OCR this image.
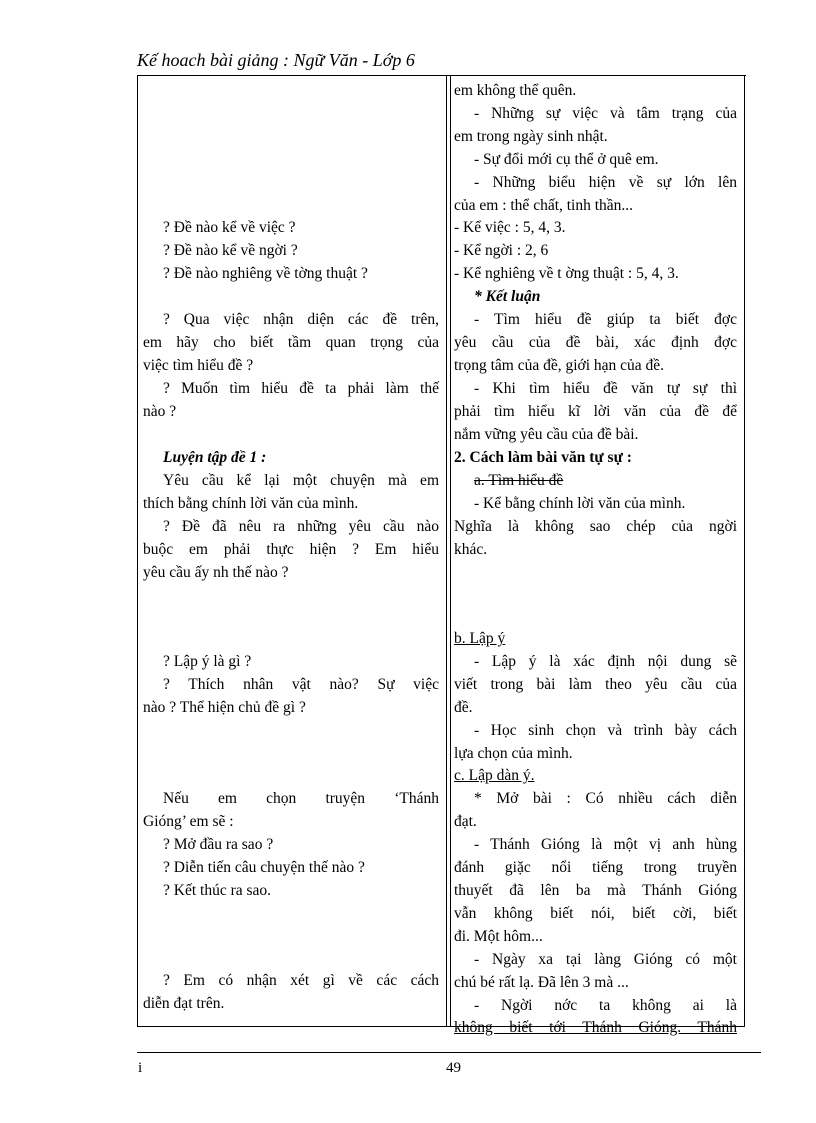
Kế hoach bài giảng : Ngữ Văn - Lớp 6
? Đề nào kể về việc ?
? Đề nào kể về ngời ?
? Đề nào nghiêng về tờng thuật ?
? Qua việc nhận diện các đề trên,
em hãy cho biết tầm quan trọng của
việc tìm hiểu đề ?
? Muốn tìm hiểu đề ta phải làm thế
nào ?
Luyện tập đề 1 :
Yêu cầu kể lại một chuyện mà em
thích bằng chính lời văn của mình.
? Đề đã nêu ra những yêu cầu nào
buộc em phải thực hiện ? Em hiểu
yêu cầu ấy nh thế nào ?
? Lập ý là gì ?
? Thích nhân vật nào? Sự việc
nào ? Thể hiện chủ đề gì ?
Nếu em chọn truyện ‘Thánh
Gióng’ em sẽ :
? Mở đầu ra sao ?
? Diễn tiến câu chuyện thế nào ?
? Kết thúc ra sao.
? Em có nhận xét gì về các cách
diễn đạt trên.
em không thể quên.
- Những sự việc và tâm trạng của
em trong ngày sinh nhật.
- Sự đổi mới cụ thể ở quê em.
- Những biểu hiện về sự lớn lên
của em : thể chất, tinh thần...
- Kể việc : 5, 4, 3.
- Kể ngời : 2, 6
- Kể nghiêng về t ờng thuật : 5, 4, 3.
* Kết luận
- Tìm hiểu đề giúp ta biết đợc
yêu cầu của đề bài, xác định đợc
trọng tâm của đề, giới hạn của đề.
- Khi tìm hiểu đề văn tự sự thì
phải tìm hiểu kĩ lời văn của đề để
nắm vững yêu cầu của đề bài.
2. Cách làm bài văn tự sự :
a. Tìm hiểu đề
- Kể bằng chính lời văn của mình.
Nghĩa là không sao chép của ngời
khác.
b. Lập ý
- Lập ý là xác định nội dung sẽ
viết trong bài làm theo yêu cầu của
đề.
- Học sinh chọn và trình bày cách
lựa chọn của mình.
c. Lập dàn ý.
* Mở bài : Có nhiều cách diễn
đạt.
- Thánh Gióng là một vị anh hùng
đánh giặc nổi tiếng trong truyền
thuyết đã lên ba mà Thánh Gióng
vẫn không biết nói, biết cời, biết
đi. Một hôm...
- Ngày xa tại làng Gióng có một
chú bé rất lạ. Đã lên 3 mà ...
- Ngời nớc ta không ai là
không biết tới Thánh Gióng. Thánh
i	49
